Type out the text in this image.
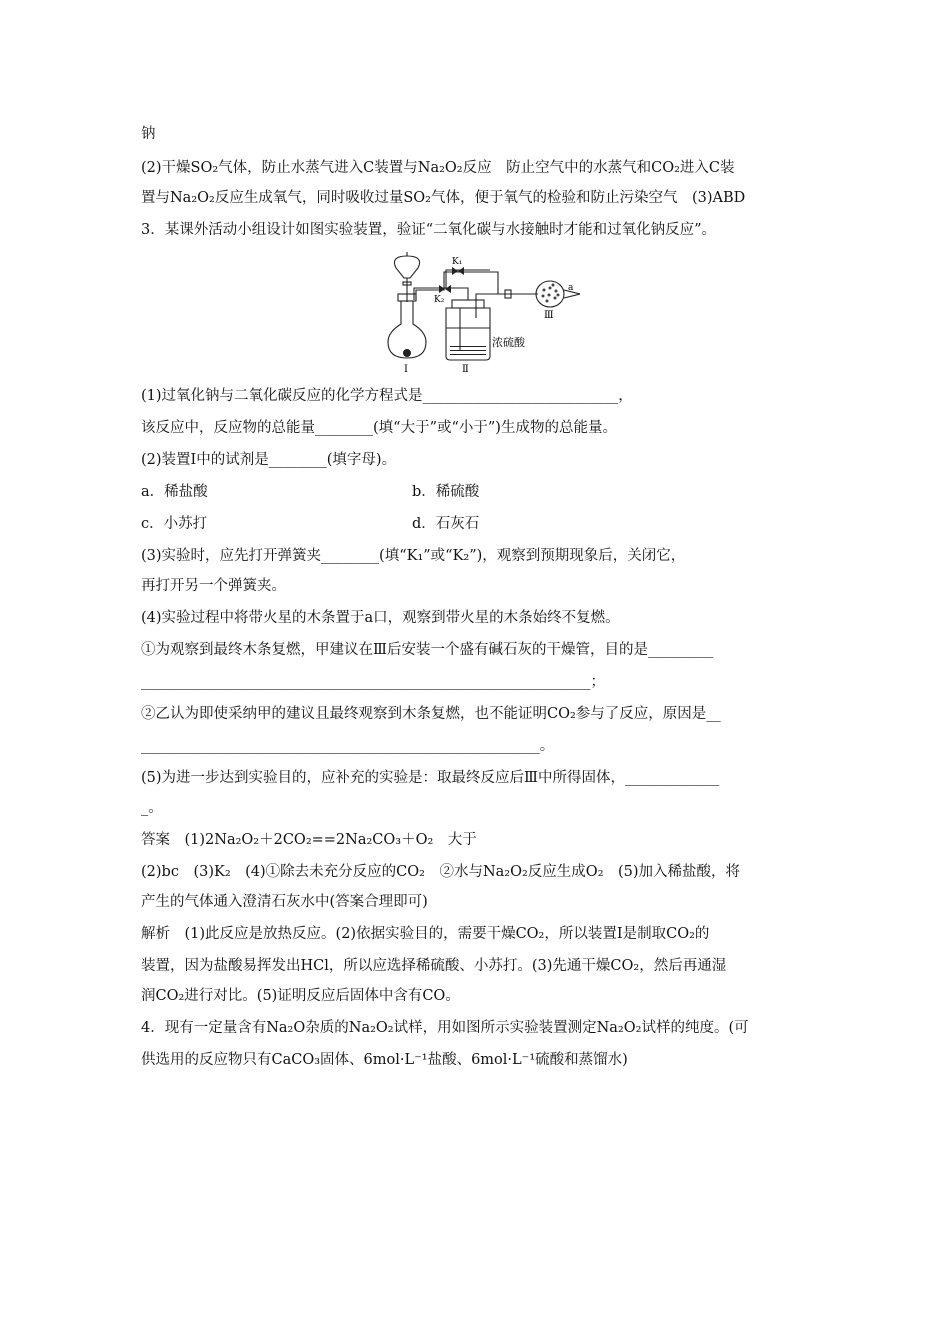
钠
(2)干燥SO₂气体，防止水蒸气进入C装置与Na₂O₂反应　防止空气中的水蒸气和CO₂进入C装
置与Na₂O₂反应生成氧气，同时吸收过量SO₂气体，便于氧气的检验和防止污染空气　(3)ABD
3．某课外活动小组设计如图实验装置，验证“二氧化碳与水接触时才能和过氧化钠反应”。
K₁
K₂
a
浓硫酸
Ⅰ	Ⅱ
Ⅲ
(1)过氧化钠与二氧化碳反应的化学方程式是___________________________，
该反应中，反应物的总能量________(填“大于”或“小于”)生成物的总能量。
(2)装置Ⅰ中的试剂是________(填字母)。
a．稀盐酸	b．稀硫酸
c．小苏打	d．石灰石
(3)实验时，应先打开弹簧夹________(填“K₁”或“K₂”)，观察到预期现象后，关闭它，
再打开另一个弹簧夹。
(4)实验过程中将带火星的木条置于a口，观察到带火星的木条始终不复燃。
①为观察到最终木条复燃，甲建议在Ⅲ后安装一个盛有碱石灰的干燥管，目的是_________
______________________________________________________________；
②乙认为即使采纳甲的建议且最终观察到木条复燃，也不能证明CO₂参与了反应，原因是__
_______________________________________________________。
(5)为进一步达到实验目的，应补充的实验是：取最终反应后Ⅲ中所得固体，_____________
_。
答案　(1)2Na₂O₂＋2CO₂==2Na₂CO₃＋O₂　大于
(2)bc　(3)K₂　(4)①除去未充分反应的CO₂　②水与Na₂O₂反应生成O₂　(5)加入稀盐酸，将
产生的气体通入澄清石灰水中(答案合理即可)
解析　(1)此反应是放热反应。(2)依据实验目的，需要干燥CO₂，所以装置Ⅰ是制取CO₂的
装置，因为盐酸易挥发出HCl，所以应选择稀硫酸、小苏打。(3)先通干燥CO₂，然后再通湿
润CO₂进行对比。(5)证明反应后固体中含有CO。
4．现有一定量含有Na₂O杂质的Na₂O₂试样，用如图所示实验装置测定Na₂O₂试样的纯度。(可
供选用的反应物只有CaCO₃固体、6mol·L⁻¹盐酸、6mol·L⁻¹硫酸和蒸馏水)
